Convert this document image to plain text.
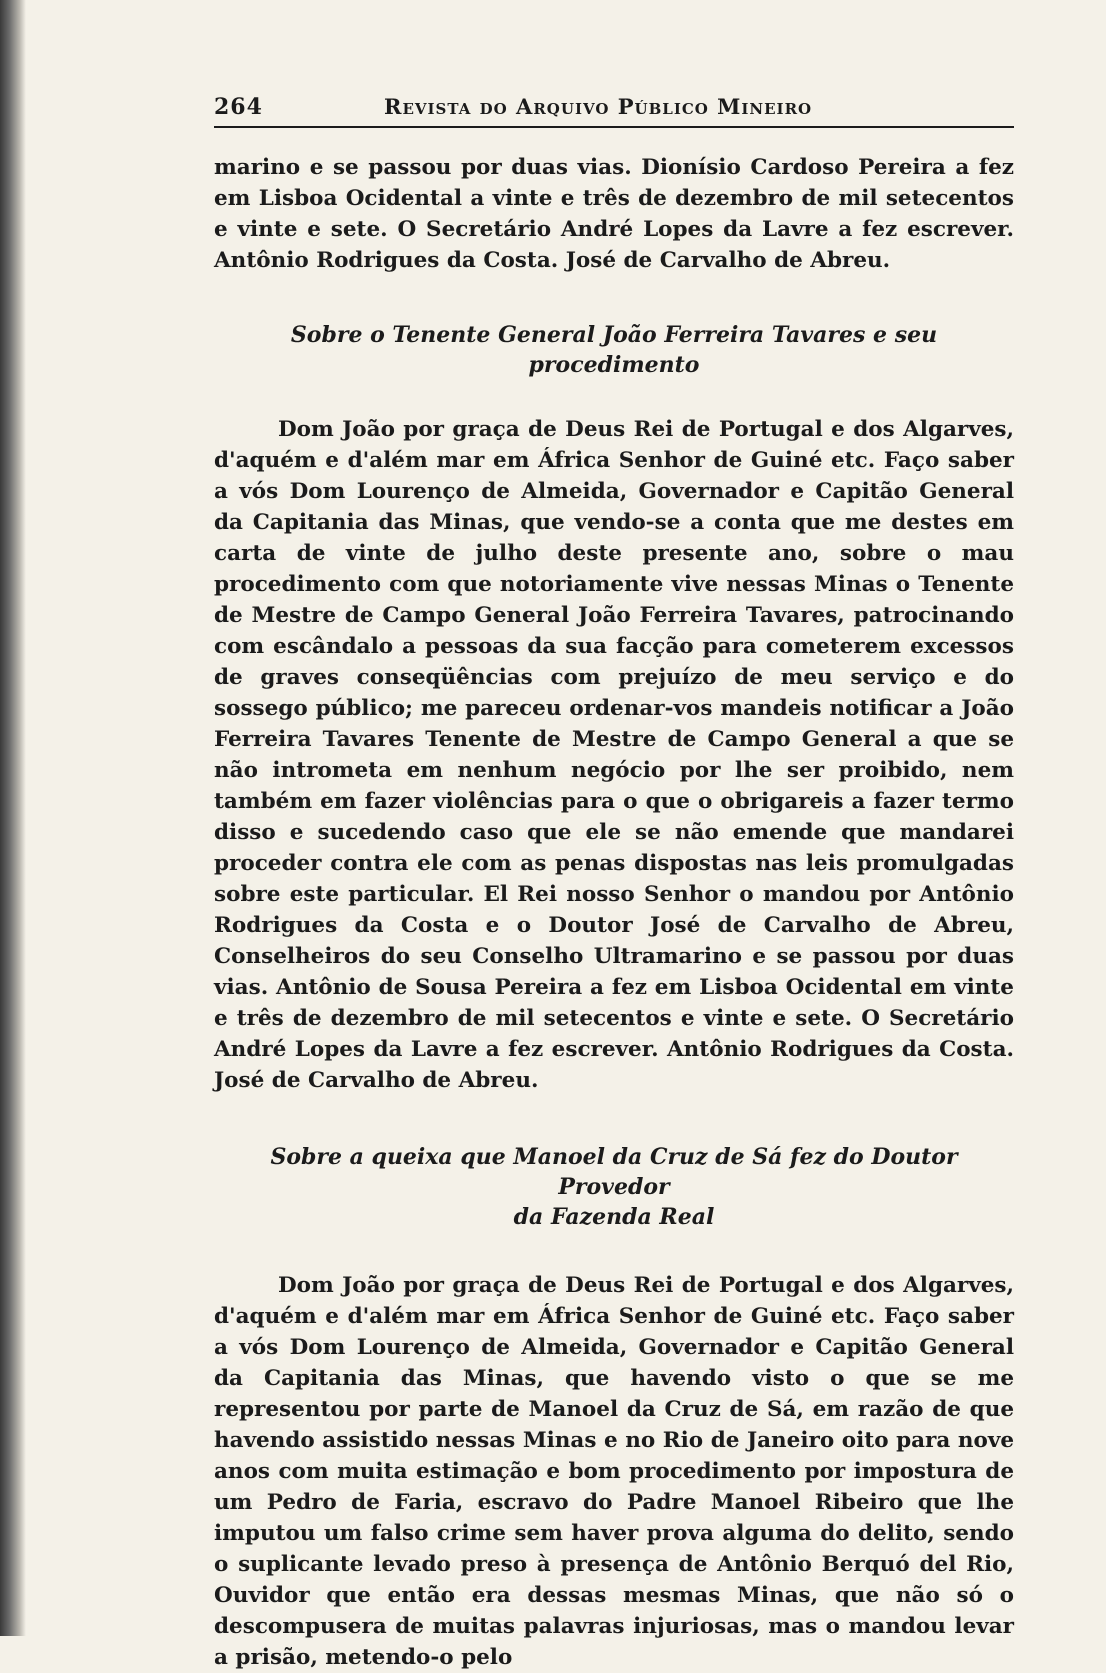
264	Revista do Arquivo Público Mineiro

marino e se passou por duas vias. Dionísio Cardoso Pereira a fez em Lisboa Ocidental a vinte e três de dezembro de mil setecentos e vinte e sete. O Secretário André Lopes da Lavre a fez escrever. Antônio Rodrigues da Costa. José de Carvalho de Abreu.

Sobre o Tenente General João Ferreira Tavares e seu procedimento

Dom João por graça de Deus Rei de Portugal e dos Algarves, d'aquém e d'além mar em África Senhor de Guiné etc. Faço saber a vós Dom Lourenço de Almeida, Governador e Capitão General da Capitania das Minas, que vendo-se a conta que me destes em carta de vinte de julho deste presente ano, sobre o mau procedimento com que notoriamente vive nessas Minas o Tenente de Mestre de Campo General João Ferreira Tavares, patrocinando com escândalo a pessoas da sua facção para cometerem excessos de graves conseqüências com prejuízo de meu serviço e do sossego público; me pareceu ordenar-vos mandeis notificar a João Ferreira Tavares Tenente de Mestre de Campo General a que se não intrometa em nenhum negócio por lhe ser proibido, nem também em fazer violências para o que o obrigareis a fazer termo disso e sucedendo caso que ele se não emende que mandarei proceder contra ele com as penas dispostas nas leis promulgadas sobre este particular. El Rei nosso Senhor o mandou por Antônio Rodrigues da Costa e o Doutor José de Carvalho de Abreu, Conselheiros do seu Conselho Ultramarino e se passou por duas vias. Antônio de Sousa Pereira a fez em Lisboa Ocidental em vinte e três de dezembro de mil setecentos e vinte e sete. O Secretário André Lopes da Lavre a fez escrever. Antônio Rodrigues da Costa. José de Carvalho de Abreu.

Sobre a queixa que Manoel da Cruz de Sá fez do Doutor Provedor
da Fazenda Real

Dom João por graça de Deus Rei de Portugal e dos Algarves, d'aquém e d'além mar em África Senhor de Guiné etc. Faço saber a vós Dom Lourenço de Almeida, Governador e Capitão General da Capitania das Minas, que havendo visto o que se me representou por parte de Manoel da Cruz de Sá, em razão de que havendo assistido nessas Minas e no Rio de Janeiro oito para nove anos com muita estimação e bom procedimento por impostura de um Pedro de Faria, escravo do Padre Manoel Ribeiro que lhe imputou um falso crime sem haver prova alguma do delito, sendo o suplicante levado preso à presença de Antônio Berquó del Rio, Ouvidor que então era dessas mesmas Minas, que não só o descompusera de muitas palavras injuriosas, mas o mandou levar a prisão, metendo-o pelo
